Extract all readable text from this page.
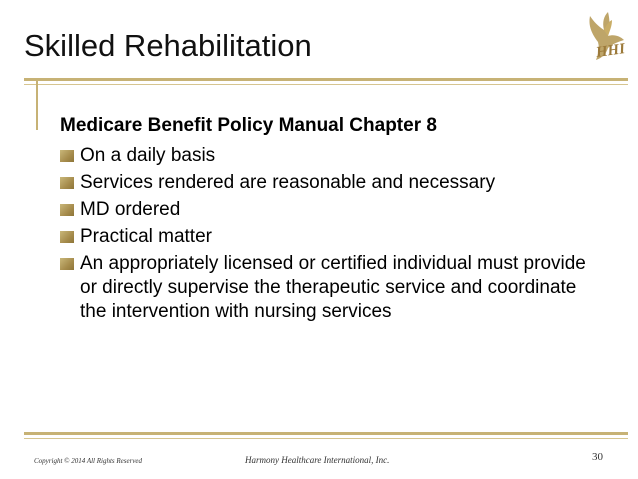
Skilled Rehabilitation	HHI
Medicare Benefit Policy Manual Chapter 8
On a daily basis
Services rendered are reasonable and necessary
MD ordered
Practical matter
An appropriately licensed or certified individual must provide or directly supervise the therapeutic service and coordinate the intervention with nursing services
Copyright © 2014 All Rights Reserved	Harmony Healthcare International, Inc.	30
